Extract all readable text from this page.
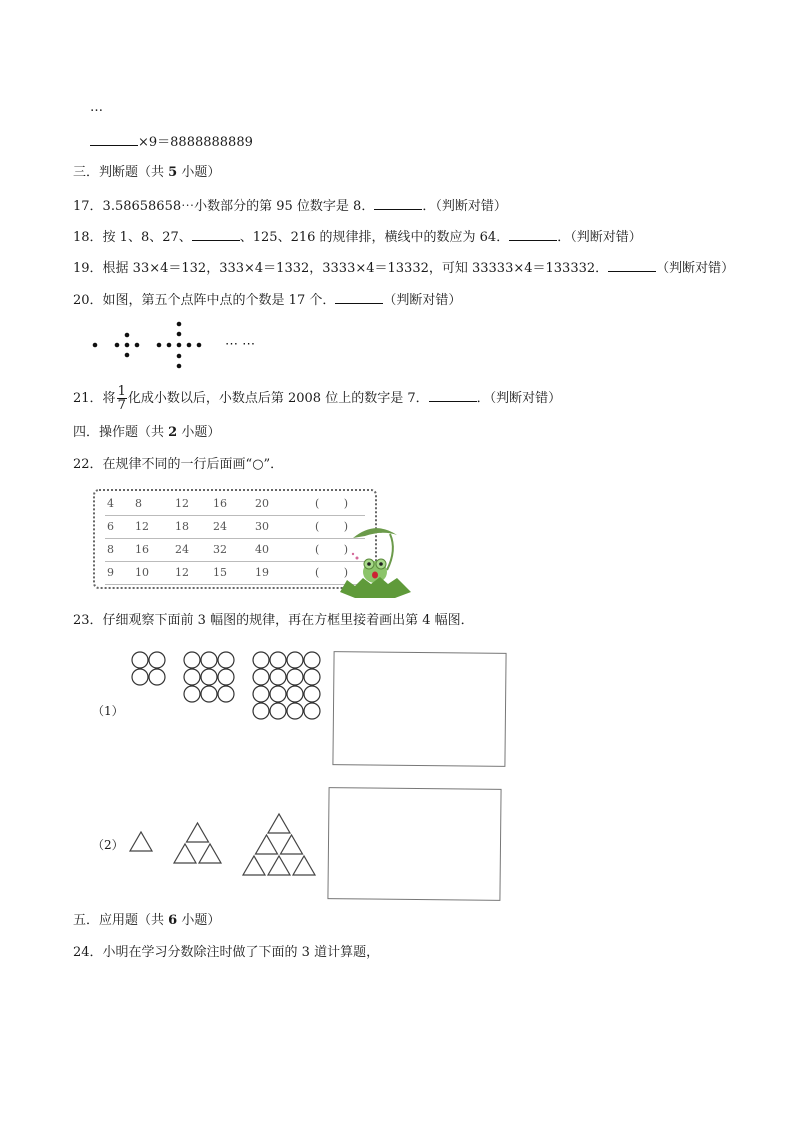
…
×9＝8888888889
三．判断题（共 5 小题）
17．3.58658658⋯小数部分的第 95 位数字是 8．	．（判断对错）
18．按 1、8、27、	、125、216 的规律排，横线中的数应为 64．	．（判断对错）
19．根据 33×4＝132，333×4＝1332，3333×4＝13332，可知 33333×4＝133332．	（判断对错）
20．如图，第五个点阵中点的个数是 17 个．	（判断对错）
⋯ ⋯
21．将 $\frac{1}{7}$ 化成小数以后，小数点后第 2008 位上的数字是 7．	．（判断对错）
四．操作题（共 2 小题）
22．在规律不同的一行后面画“○”．
4 8	12 16	20	( )
6 12 18 24	30	( )
8 16 24 32	40	( )
9 10 12 15	19	( )
23．仔细观察下面前 3 幅图的规律，再在方框里接着画出第 4 幅图．
（1）
（2）
五．应用题（共 6 小题）
24．小明在学习分数除注时做了下面的 3 道计算题，
